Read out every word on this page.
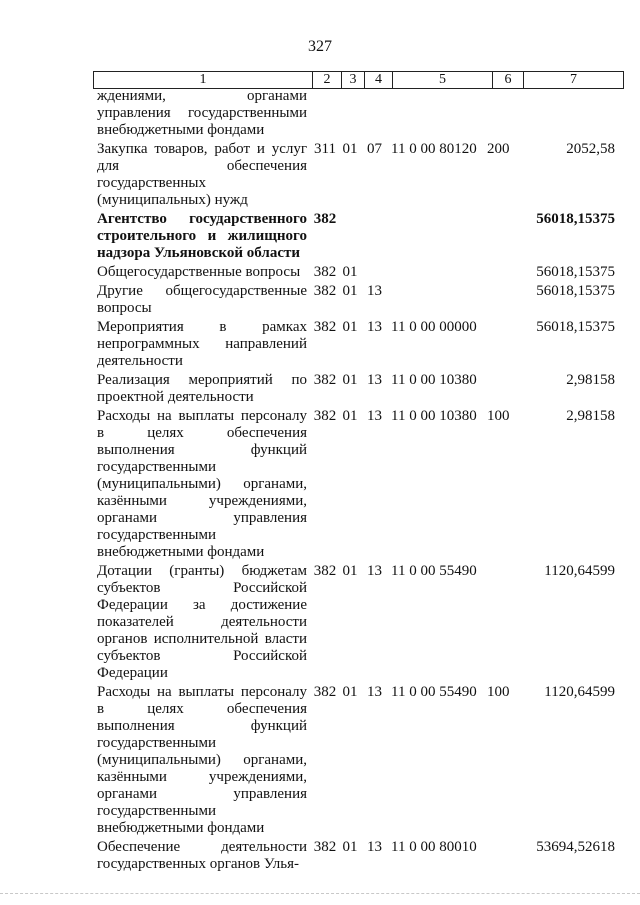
327
1	2	3	4	5	6	7
ждениями, органами управления государственными внебюджетными фондами						
Закупка товаров, работ и услуг для обеспечения государственных (муниципальных) нужд	311	01	07	11 0 00 80120	200	2052,58
Агентство государственного строительного и жилищного надзора Ульяновской области	382					56018,15375
Общегосударственные вопросы	382	01				56018,15375
Другие общегосударственные вопросы	382	01	13			56018,15375
Мероприятия в рамках непрограммных направлений деятельности	382	01	13	11 0 00 00000		56018,15375
Реализация мероприятий по проектной деятельности	382	01	13	11 0 00 10380		2,98158
Расходы на выплаты персоналу в целях обеспечения выполнения функций государственными (муниципальными) органами, казёнными учреждениями, органами управления государственными внебюджетными фондами	382	01	13	11 0 00 10380	100	2,98158
Дотации (гранты) бюджетам субъектов Российской Федерации за достижение показателей деятельности органов исполнительной власти субъектов Российской Федерации	382	01	13	11 0 00 55490		1120,64599
Расходы на выплаты персоналу в целях обеспечения выполнения функций государственными (муниципальными) органами, казёнными учреждениями, органами управления государственными внебюджетными фондами	382	01	13	11 0 00 55490	100	1120,64599
Обеспечение деятельности государственных органов Улья-	382	01	13	11 0 00 80010		53694,52618
